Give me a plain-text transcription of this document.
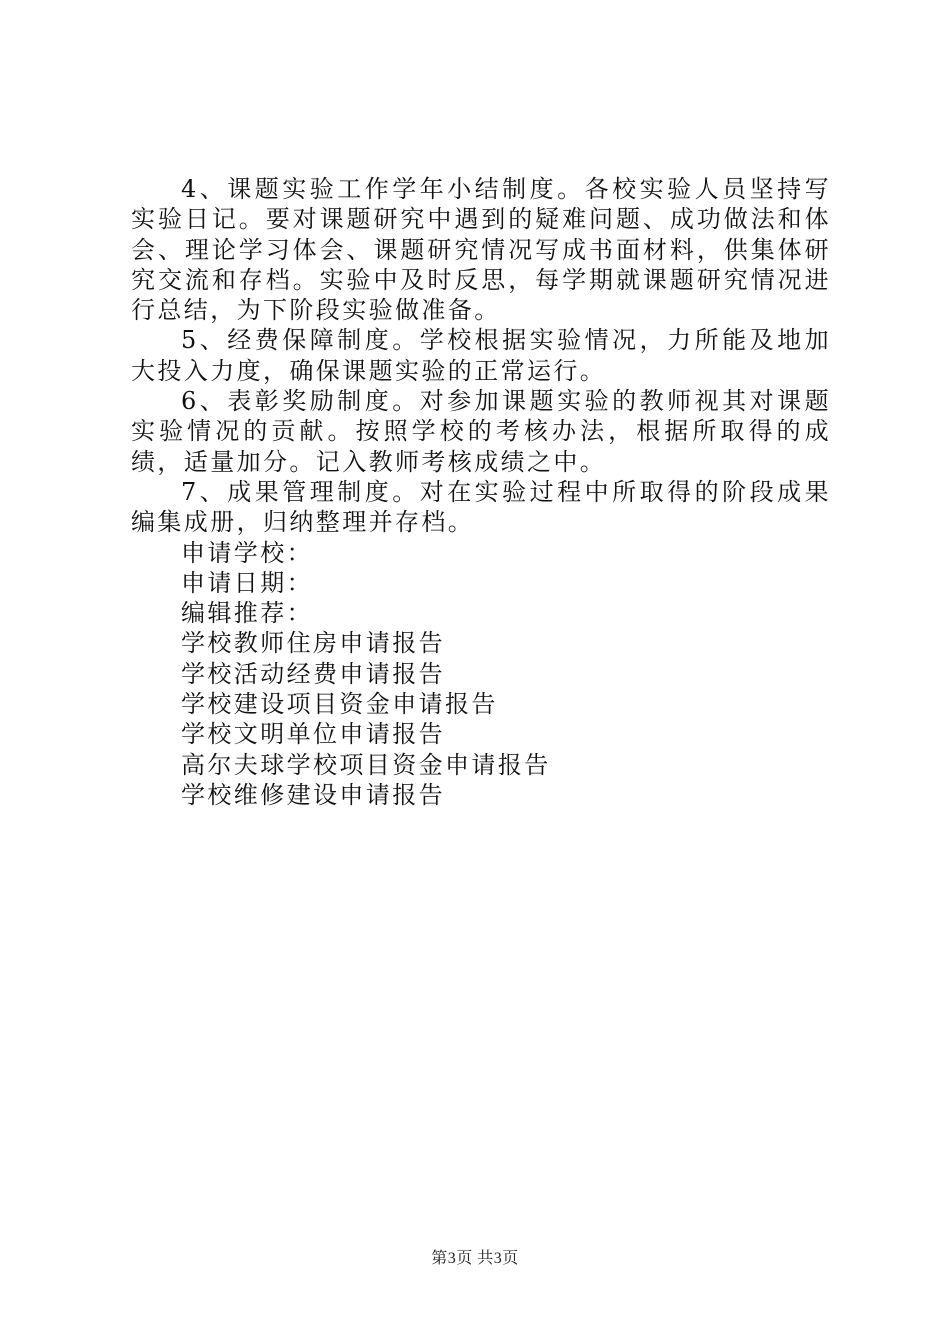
4、课题实验工作学年小结制度。各校实验人员坚持写实验日记。要对课题研究中遇到的疑难问题、成功做法和体会、理论学习体会、课题研究情况写成书面材料，供集体研究交流和存档。实验中及时反思，每学期就课题研究情况进行总结，为下阶段实验做准备。

5、经费保障制度。学校根据实验情况，力所能及地加大投入力度，确保课题实验的正常运行。

6、表彰奖励制度。对参加课题实验的教师视其对课题实验情况的贡献。按照学校的考核办法，根据所取得的成绩，适量加分。记入教师考核成绩之中。

7、成果管理制度。对在实验过程中所取得的阶段成果编集成册，归纳整理并存档。

申请学校：
申请日期：
编辑推荐：
学校教师住房申请报告
学校活动经费申请报告
学校建设项目资金申请报告
学校文明单位申请报告
高尔夫球学校项目资金申请报告
学校维修建设申请报告
第3页 共3页
